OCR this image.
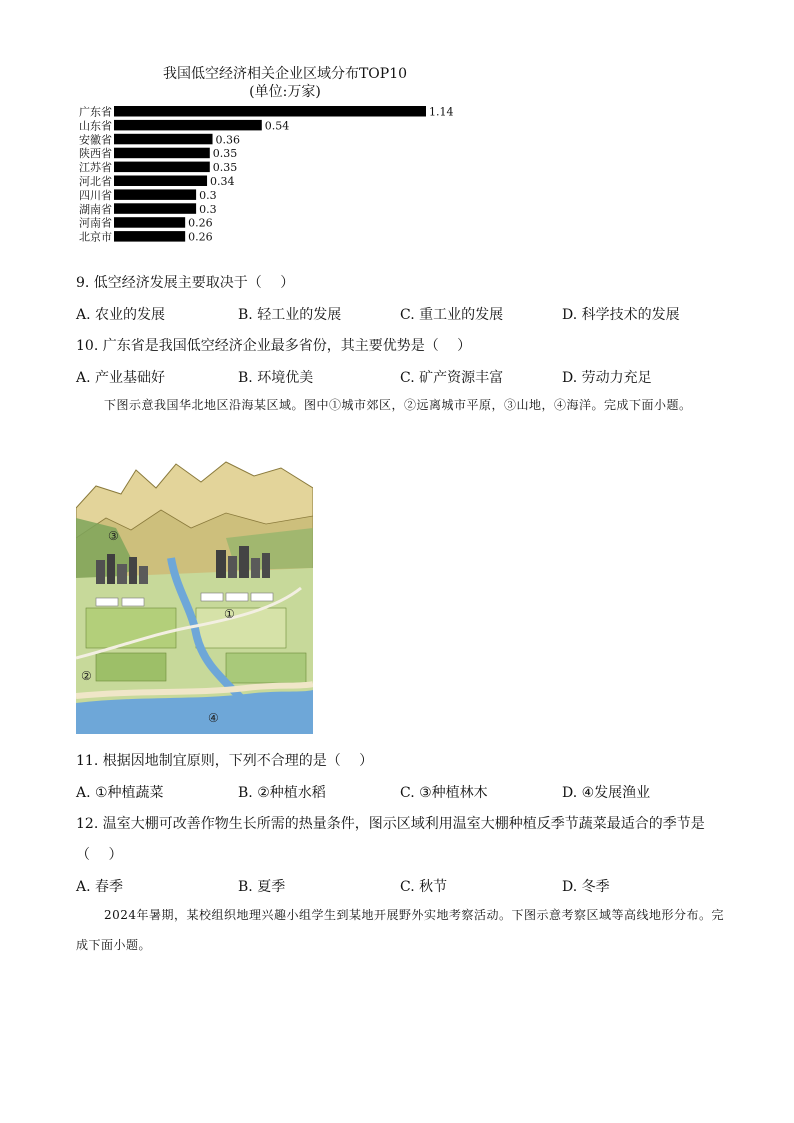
我国低空经济相关企业区域分布TOP10
(单位:万家)
广东省	1.14
山东省	0.54
安徽省	0.36
陕西省	0.35
江苏省	0.35
河北省	0.34
四川省	0.3
湖南省	0.3
河南省	0.26
北京市	0.26
9. 低空经济发展主要取决于（　 ）
A. 农业的发展	B. 轻工业的发展	C. 重工业的发展	D. 科学技术的发展
10. 广东省是我国低空经济企业最多省份，其主要优势是（　 ）
A. 产业基础好	B. 环境优美	C. 矿产资源丰富	D. 劳动力充足
下图示意我国华北地区沿海某区域。图中①城市郊区，②远离城市平原，③山地，④海洋。完成下面小题。
①
②
③
④
11. 根据因地制宜原则，下列不合理的是（　 ）
A. ①种植蔬菜	B. ②种植水稻	C. ③种植林木	D. ④发展渔业
12. 温室大棚可改善作物生长所需的热量条件，图示区域利用温室大棚种植反季节蔬菜最适合的季节是
（　 ）
A. 春季	B. 夏季	C. 秋节	D. 冬季
2024年暑期，某校组织地理兴趣小组学生到某地开展野外实地考察活动。下图示意考察区域等高线地形分布。完成下面小题。
